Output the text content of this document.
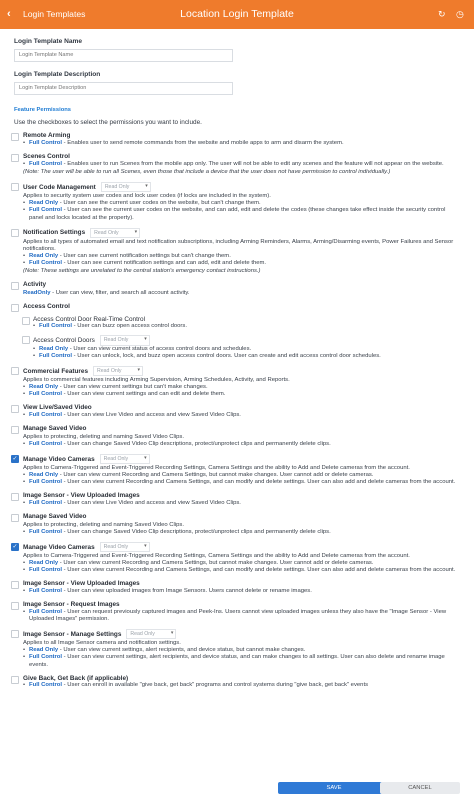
‹ Login Templates	Location Login Template	↻ ◷
Login Template Name
Login Template Name
Login Template Description
Login Template Description
Feature Permissions
Use the checkboxes to select the permissions you want to include.
Remote Arming
• Full Control - Enables user to send remote commands from the website and mobile apps to arm and disarm the system.
Scenes Control
• Full Control - Enables user to run Scenes from the mobile app only. The user will not be able to edit any scenes and the feature will not appear on the website.
(Note: The user will be able to run all Scenes, even those that include a device that the user does not have permission to control individually.)
User Code Management Read Only ▾
Applies to security system user codes and lock user codes (if locks are included in the system).
• Read Only - User can see the current user codes on the website, but can't change them.
• Full Control - User can see the current user codes on the website, and can add, edit and delete the codes (these changes take effect inside the security control panel and locks located at the property).
Notification Settings Read Only ▾
Applies to all types of automated email and text notification subscriptions, including Arming Reminders, Alarms, Arming/Disarming events, Power Failures and Sensor notifications.
• Read Only - User can see current notification settings but can't change them.
• Full Control - User can see current notification settings and can add, edit and delete them.
(Note: These settings are unrelated to the central station's emergency contact instructions.)
Activity
ReadOnly - User can view, filter, and search all account activity.
Access Control
Access Control Door Real-Time Control
• Full Control - User can buzz open access control doors.
Access Control Doors Read Only ▾
• Read Only - User can view current status of access control doors and schedules.
• Full Control - User can unlock, lock, and buzz open access control doors. User can create and edit access control door schedules.
Commercial Features Read Only ▾
Applies to commercial features including Arming Supervision, Arming Schedules, Activity, and Reports.
• Read Only - User can view current settings but can't make changes.
• Full Control - User can view current settings and can edit and delete them.
View Live/Saved Video
• Full Control - User can view Live Video and access and view Saved Video Clips.
Manage Saved Video
Applies to protecting, deleting and naming Saved Video Clips.
• Full Control - User can change Saved Video Clip descriptions, protect/unprotect clips and permanently delete clips.
✓ Manage Video Cameras Read Only ▾
Applies to Camera-Triggered and Event-Triggered Recording Settings, Camera Settings and the ability to Add and Delete cameras from the account.
• Read Only - User can view current Recording and Camera Settings, but cannot make changes. User cannot add or delete cameras.
• Full Control - User can view current Recording and Camera Settings, and can modify and delete settings. User can also add and delete cameras from the account.
Image Sensor - View Uploaded Images
• Full Control - User can view Live Video and access and view Saved Video Clips.
Manage Saved Video
Applies to protecting, deleting and naming Saved Video Clips.
• Full Control - User can change Saved Video Clip descriptions, protect/unprotect clips and permanently delete clips.
✓ Manage Video Cameras Read Only ▾
Applies to Camera-Triggered and Event-Triggered Recording Settings, Camera Settings and the ability to Add and Delete cameras from the account.
• Read Only - User can view current Recording and Camera Settings, but cannot make changes. User cannot add or delete cameras.
• Full Control - User can view current Recording and Camera Settings, and can modify and delete settings. User can also add and delete cameras from the account.
Image Sensor - View Uploaded Images
• Full Control - User can view uploaded images from Image Sensors. Users cannot delete or rename images.
Image Sensor - Request Images
• Full Control - User can request previously captured images and Peek-Ins. Users cannot view uploaded images unless they also have the "Image Sensor - View Uploaded Images" permission.
Image Sensor - Manage Settings Read Only ▾
Applies to all Image Sensor camera and notification settings.
• Read Only - User can view current settings, alert recipients, and device status, but cannot make changes.
• Full Control - User can view current settings, alert recipients, and device status, and can make changes to all settings. User can also delete and rename image events.
Give Back, Get Back (if applicable)
• Full Control - User can enroll in available "give back, get back" programs and control systems during "give back, get back" events
SAVE	CANCEL
